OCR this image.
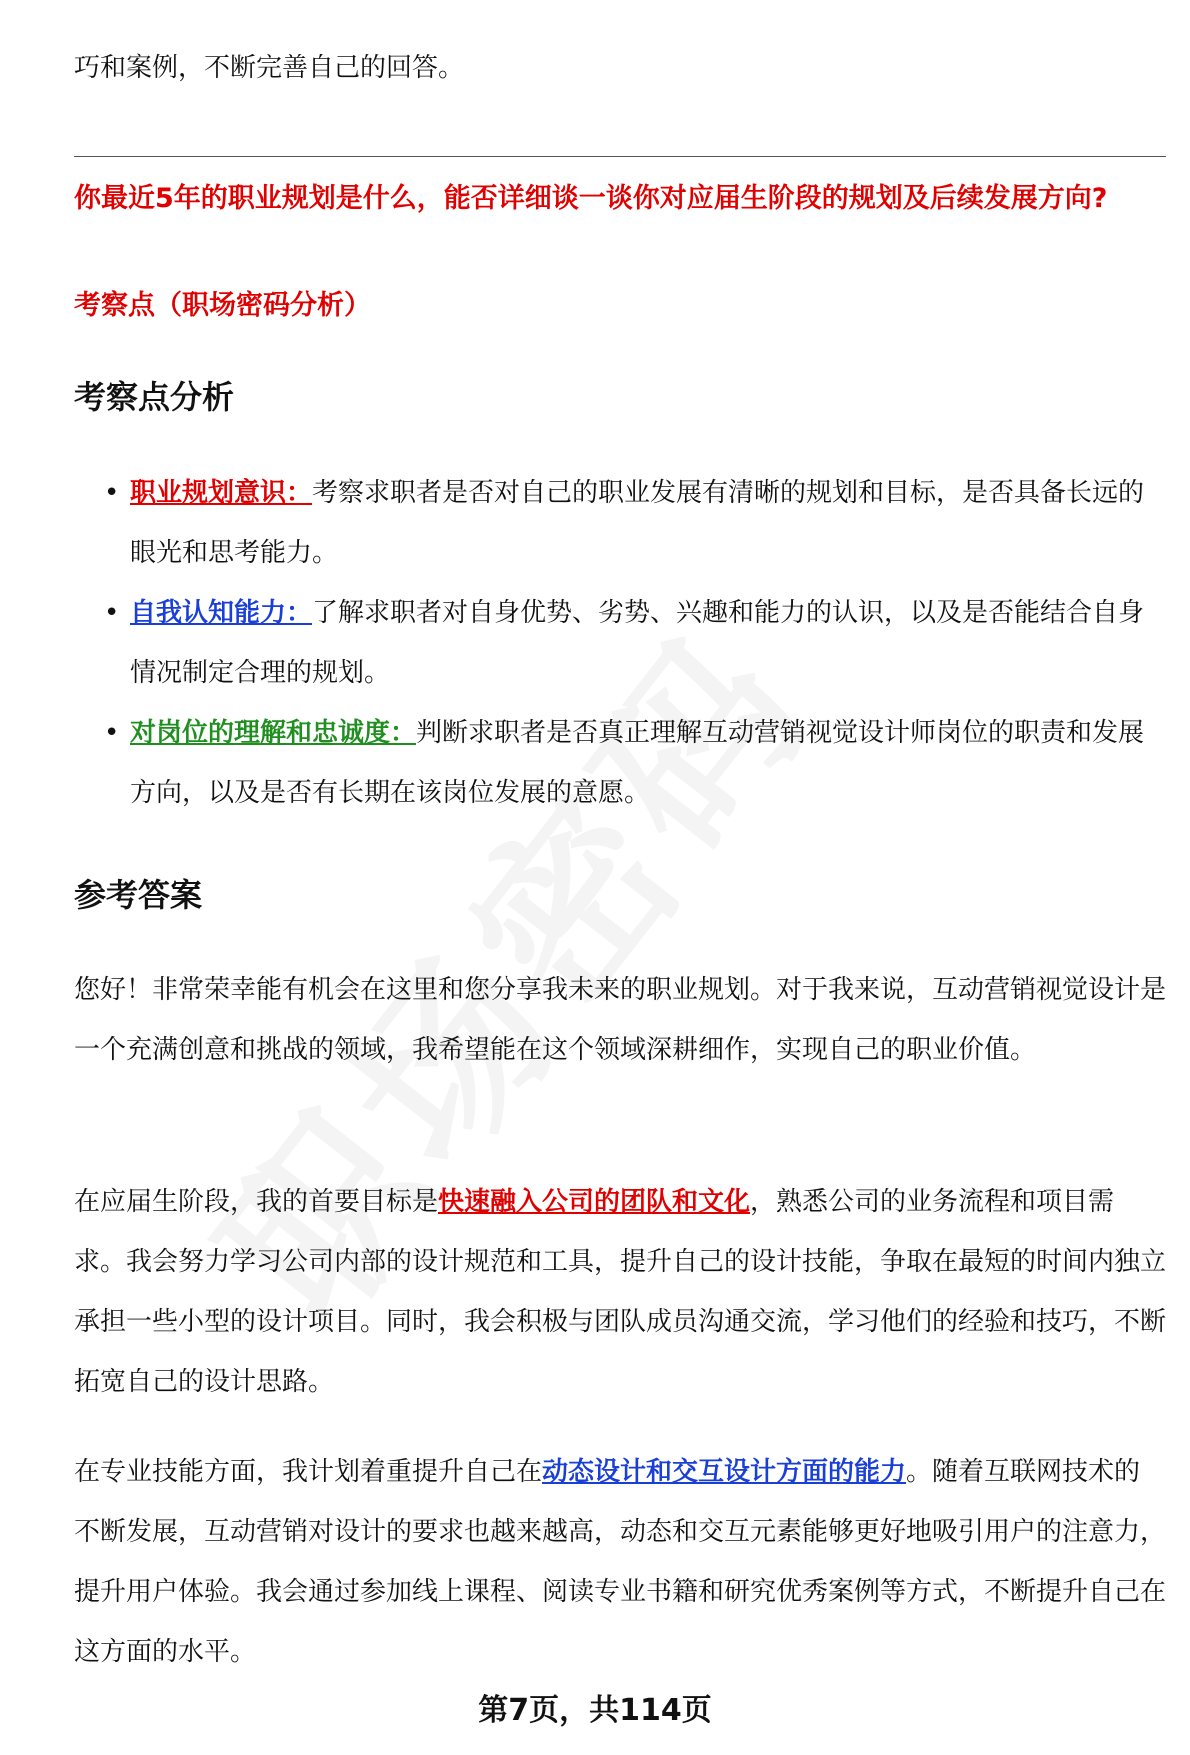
巧和案例，不断完善自己的回答。

你最近5年的职业规划是什么，能否详细谈一谈你对应届生阶段的规划及后续发展方向?

考察点（职场密码分析）

考察点分析
• 职业规划意识：考察求职者是否对自己的职业发展有清晰的规划和目标，是否具备长远的眼光和思考能力。
• 自我认知能力：了解求职者对自身优势、劣势、兴趣和能力的认识，以及是否能结合自身情况制定合理的规划。
• 对岗位的理解和忠诚度：判断求职者是否真正理解互动营销视觉设计师岗位的职责和发展方向，以及是否有长期在该岗位发展的意愿。
参考答案

您好！非常荣幸能有机会在这里和您分享我未来的职业规划。对于我来说，互动营销视觉设计是一个充满创意和挑战的领域，我希望能在这个领域深耕细作，实现自己的职业价值。

在应届生阶段，我的首要目标是快速融入公司的团队和文化，熟悉公司的业务流程和项目需求。我会努力学习公司内部的设计规范和工具，提升自己的设计技能，争取在最短的时间内独立承担一些小型的设计项目。同时，我会积极与团队成员沟通交流，学习他们的经验和技巧，不断拓宽自己的设计思路。

在专业技能方面，我计划着重提升自己在动态设计和交互设计方面的能力。随着互联网技术的不断发展，互动营销对设计的要求也越来越高，动态和交互元素能够更好地吸引用户的注意力，提升用户体验。我会通过参加线上课程、阅读专业书籍和研究优秀案例等方式，不断提升自己在这方面的水平。

第7页，共114页
